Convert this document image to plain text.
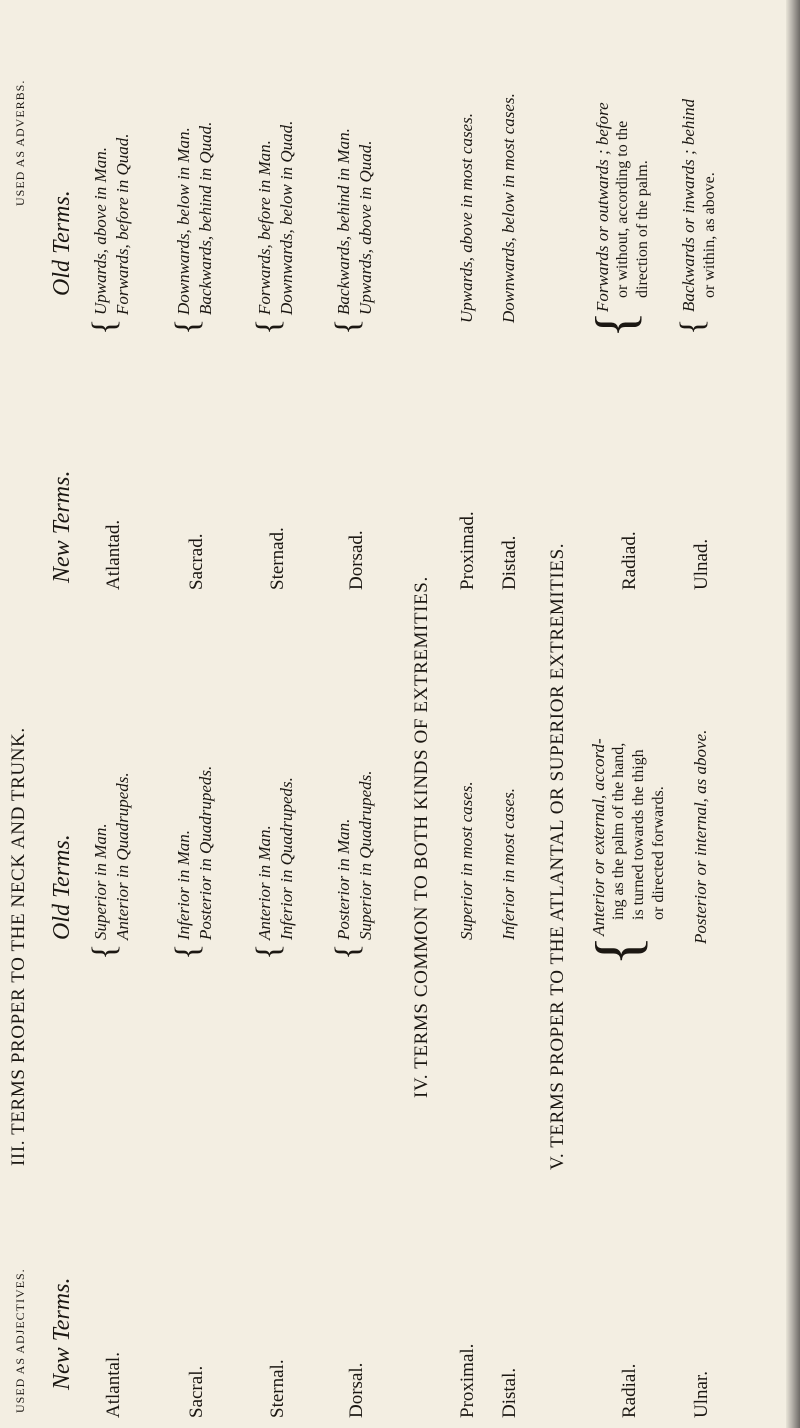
USED AS ADJECTIVES.
III. TERMS PROPER TO THE NECK AND TRUNK.
USED AS ADVERBS.
New Terms.
Old Terms.
New Terms.
Old Terms.
Atlantal.
{
Superior in Man. Anterior in Quadrupeds.
Atlantad.
{
Upwards, above in Man. Forwards, before in Quad.
Sacral.
{
Inferior in Man. Posterior in Quadrupeds.
Sacrad.
{
Downwards, below in Man. Backwards, behind in Quad.
Sternal.
{
Anterior in Man. Inferior in Quadrupeds.
Sternad.
{
Forwards, before in Man. Downwards, below in Quad.
Dorsal.
{
Posterior in Man. Superior in Quadrupeds.
Dorsad.
{
Backwards, behind in Man. Upwards, above in Quad.
IV. TERMS COMMON TO BOTH KINDS OF EXTREMITIES.
Proximal.
Superior in most cases.
Proximad.
Upwards, above in most cases.
Distal.
Inferior in most cases.
Distad.
Downwards, below in most cases.
V. TERMS PROPER TO THE ATLANTAL OR SUPERIOR EXTREMITIES.
Radial.
{
Anterior or external, accord- ing as the palm of the hand, is turned towards the thigh or directed forwards.
Radiad.
{
Forwards or outwards ; before or without, according to the direction of the palm.
Ulnar.
Posterior or internal, as above.
Ulnad.
{
Backwards or inwards ; behind or within, as above.
